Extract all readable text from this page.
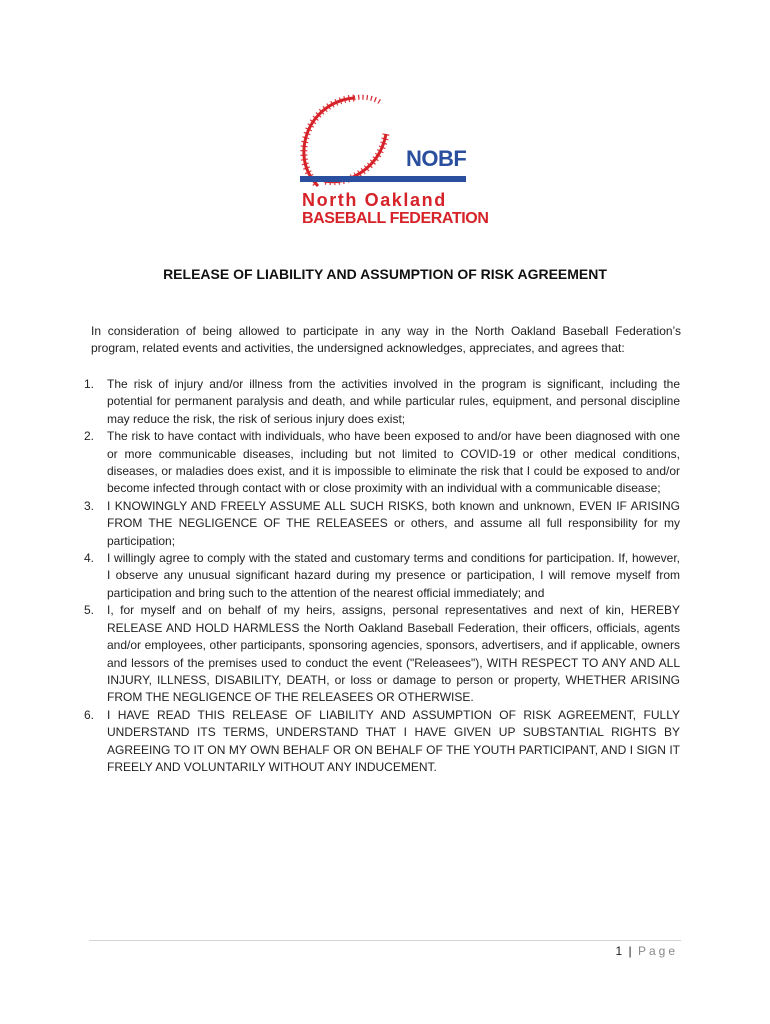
NOBF
North Oakland
BASEBALL FEDERATION
RELEASE OF LIABILITY AND ASSUMPTION OF RISK AGREEMENT

In consideration of being allowed to participate in any way in the North Oakland Baseball Federation’s program, related events and activities, the undersigned acknowledges, appreciates, and agrees that:

1. The risk of injury and/or illness from the activities involved in the program is significant, including the potential for permanent paralysis and death, and while particular rules, equipment, and personal discipline may reduce the risk, the risk of serious injury does exist;
2. The risk to have contact with individuals, who have been exposed to and/or have been diagnosed with one or more communicable diseases, including but not limited to COVID-19 or other medical conditions, diseases, or maladies does exist, and it is impossible to eliminate the risk that I could be exposed to and/or become infected through contact with or close proximity with an individual with a communicable disease;
3. I KNOWINGLY AND FREELY ASSUME ALL SUCH RISKS, both known and unknown, EVEN IF ARISING FROM THE NEGLIGENCE OF THE RELEASEES or others, and assume all full responsibility for my participation;
4. I willingly agree to comply with the stated and customary terms and conditions for participation. If, however, I observe any unusual significant hazard during my presence or participation, I will remove myself from participation and bring such to the attention of the nearest official immediately; and
5. I, for myself and on behalf of my heirs, assigns, personal representatives and next of kin, HEREBY RELEASE AND HOLD HARMLESS the North Oakland Baseball Federation, their officers, officials, agents and/or employees, other participants, sponsoring agencies, sponsors, advertisers, and if applicable, owners and lessors of the premises used to conduct the event ("Releasees"), WITH RESPECT TO ANY AND ALL INJURY, ILLNESS, DISABILITY, DEATH, or loss or damage to person or property, WHETHER ARISING FROM THE NEGLIGENCE OF THE RELEASEES OR OTHERWISE.
6. I HAVE READ THIS RELEASE OF LIABILITY AND ASSUMPTION OF RISK AGREEMENT, FULLY UNDERSTAND ITS TERMS, UNDERSTAND THAT I HAVE GIVEN UP SUBSTANTIAL RIGHTS BY AGREEING TO IT ON MY OWN BEHALF OR ON BEHALF OF THE YOUTH PARTICIPANT, AND I SIGN IT FREELY AND VOLUNTARILY WITHOUT ANY INDUCEMENT.
1 | Page
